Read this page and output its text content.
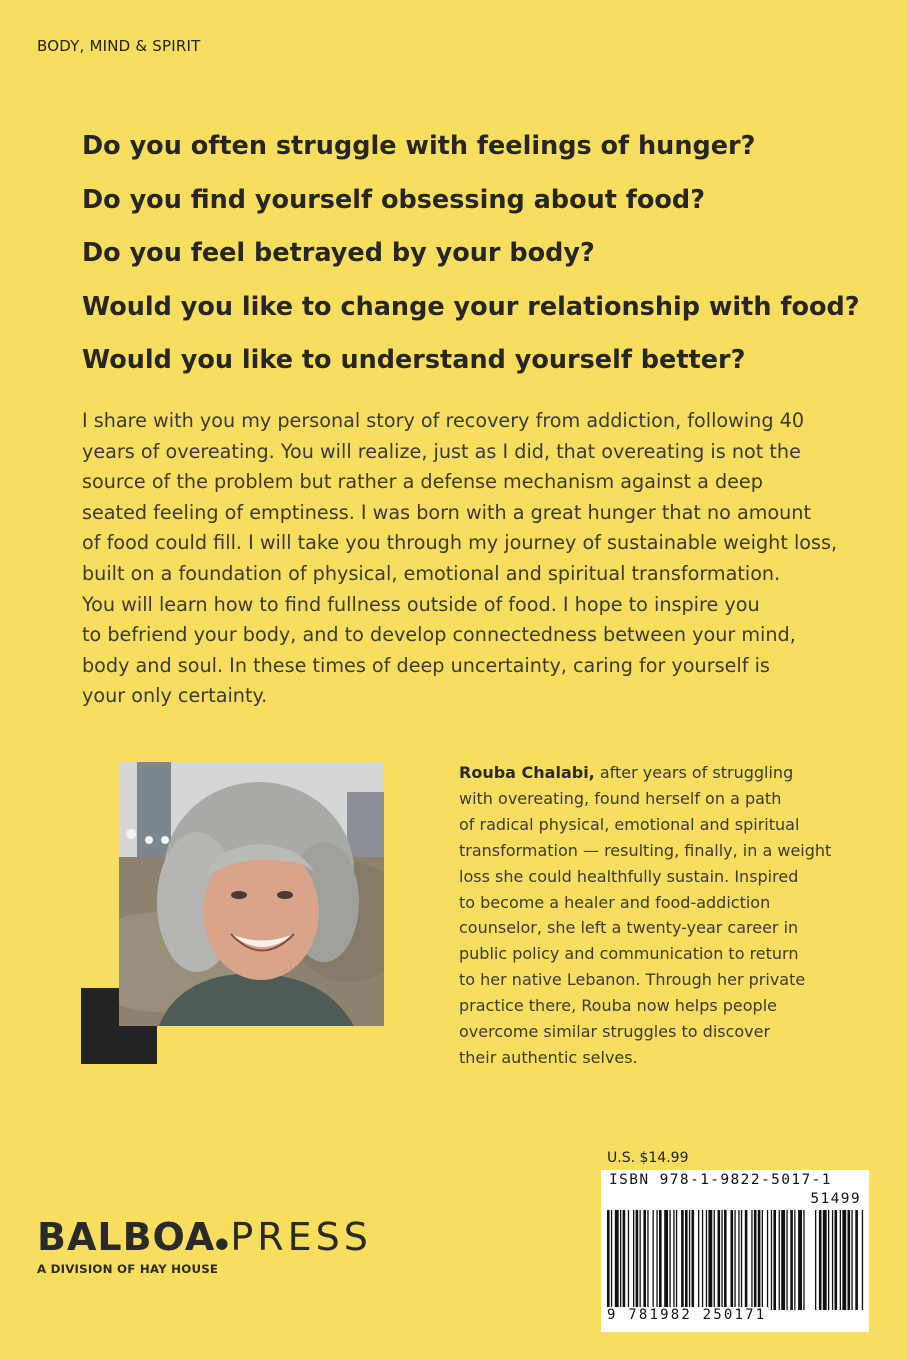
BODY, MIND & SPIRIT
Do you often struggle with feelings of hunger?
Do you find yourself obsessing about food?
Do you feel betrayed by your body?
Would you like to change your relationship with food?
Would you like to understand yourself better?
I share with you my personal story of recovery from addiction, following 40
years of overeating. You will realize, just as I did, that overeating is not the
source of the problem but rather a defense mechanism against a deep
seated feeling of emptiness. I was born with a great hunger that no amount
of food could fill. I will take you through my journey of sustainable weight loss,
built on a foundation of physical, emotional and spiritual transformation.
You will learn how to find fullness outside of food. I hope to inspire you
to befriend your body, and to develop connectedness between your mind,
body and soul. In these times of deep uncertainty, caring for yourself is
your only certainty.
Rouba Chalabi, after years of struggling
with overeating, found herself on a path
of radical physical, emotional and spiritual
transformation — resulting, finally, in a weight
loss she could healthfully sustain. Inspired
to become a healer and food-addiction
counselor, she left a twenty-year career in
public policy and communication to return
to her native Lebanon. Through her private
practice there, Rouba now helps people
overcome similar struggles to discover
their authentic selves.
U.S. $14.99
ISBN 978-1-9822-5017-1
51499
9 781982 250171
BALBOA●PRESS
A DIVISION OF HAY HOUSE
